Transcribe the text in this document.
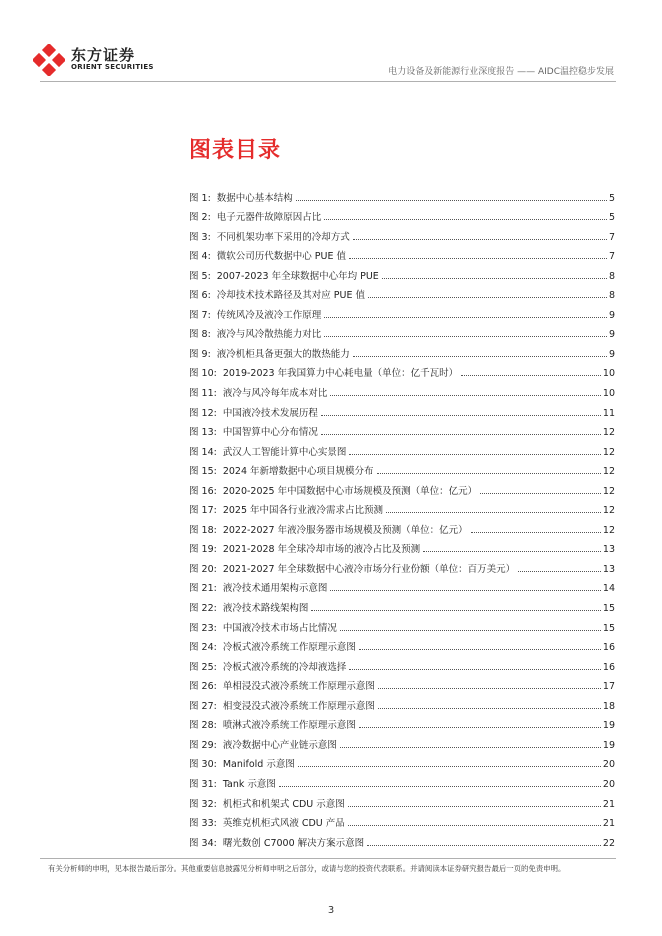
东方证券
ORIENT SECURITIES	电力设备及新能源行业深度报告 —— AIDC温控稳步发展
图表目录
图 1: 数据中心基本结构	5
图 2: 电子元器件故障原因占比	5
图 3: 不同机架功率下采用的冷却方式	7
图 4: 微软公司历代数据中心 PUE 值	7
图 5: 2007-2023 年全球数据中心年均 PUE	8
图 6: 冷却技术技术路径及其对应 PUE 值	8
图 7: 传统风冷及液冷工作原理	9
图 8: 液冷与风冷散热能力对比	9
图 9: 液冷机柜具备更强大的散热能力	9
图 10: 2019-2023 年我国算力中心耗电量（单位：亿千瓦时）	10
图 11: 液冷与风冷每年成本对比	10
图 12: 中国液冷技术发展历程	11
图 13: 中国智算中心分布情况	12
图 14: 武汉人工智能计算中心实景图	12
图 15: 2024 年新增数据中心项目规模分布	12
图 16: 2020-2025 年中国数据中心市场规模及预测（单位：亿元）	12
图 17: 2025 年中国各行业液冷需求占比预测	12
图 18: 2022-2027 年液冷服务器市场规模及预测（单位：亿元）	12
图 19: 2021-2028 年全球冷却市场的液冷占比及预测	13
图 20: 2021-2027 年全球数据中心液冷市场分行业份额（单位：百万美元）	13
图 21: 液冷技术通用架构示意图	14
图 22: 液冷技术路线架构图	15
图 23: 中国液冷技术市场占比情况	15
图 24: 冷板式液冷系统工作原理示意图	16
图 25: 冷板式液冷系统的冷却液选择	16
图 26: 单相浸没式液冷系统工作原理示意图	17
图 27: 相变浸没式液冷系统工作原理示意图	18
图 28: 喷淋式液冷系统工作原理示意图	19
图 29: 液冷数据中心产业链示意图	19
图 30: Manifold 示意图	20
图 31: Tank 示意图	20
图 32: 机柜式和机架式 CDU 示意图	21
图 33: 英维克机柜式风液 CDU 产品	21
图 34: 曙光数创 C7000 解决方案示意图	22
有关分析师的申明，见本报告最后部分。其他重要信息披露见分析师申明之后部分，或请与您的投资代表联系。并请阅读本证券研究报告最后一页的免责申明。
3
